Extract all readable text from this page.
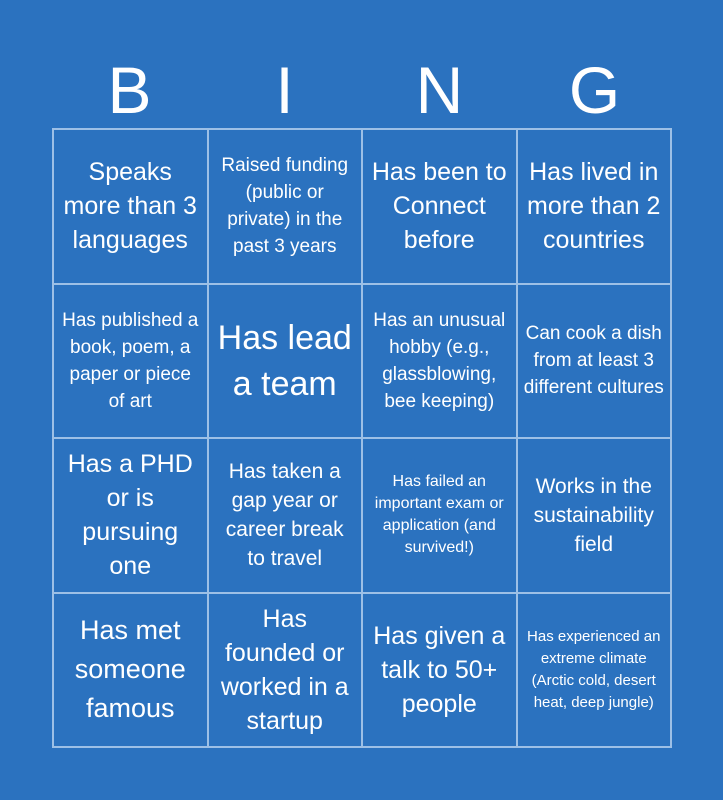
B	I	N	G
Speaks more than 3 languages
Raised funding (public or private) in the past 3 years
Has been to Connect before
Has lived in more than 2 countries
Has published a book, poem, a paper or piece of art
Has lead a team
Has an unusual hobby (e.g., glassblowing, bee keeping)
Can cook a dish from at least 3 different cultures
Has a PHD or is pursuing one
Has taken a gap year or career break to travel
Has failed an important exam or application (and survived!)
Works in the sustainability field
Has met someone famous
Has founded or worked in a startup
Has given a talk to 50+ people
Has experienced an extreme climate (Arctic cold, desert heat, deep jungle)
